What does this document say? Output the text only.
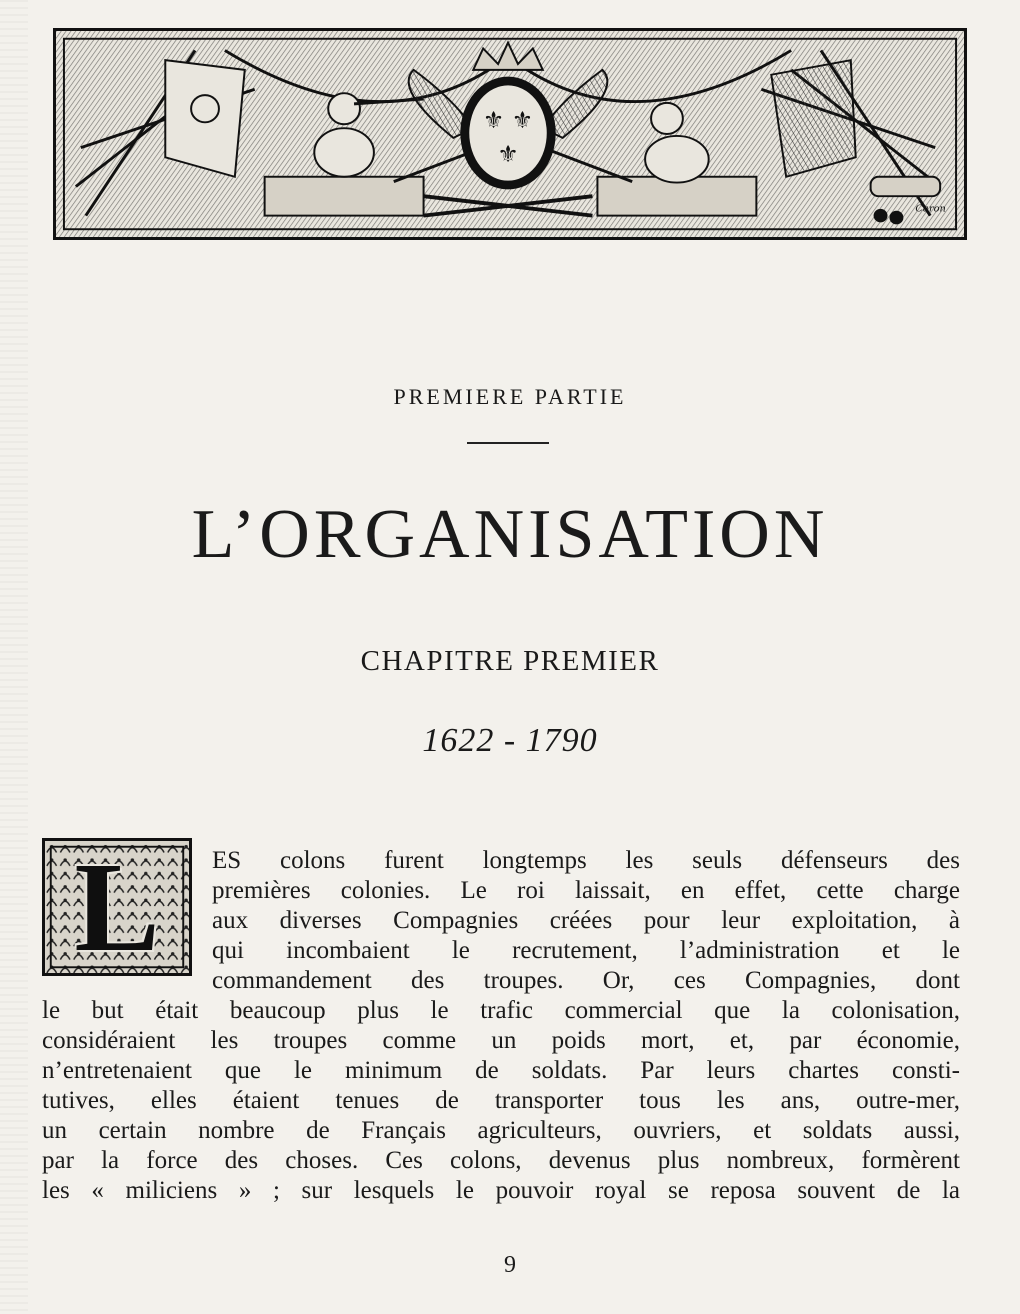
⚜ ⚜
⚜
Caron
PREMIERE PARTIE
L’ORGANISATION
CHAPITRE PREMIER
1622 - 1790
L	ES colons furent longtemps les seuls défenseurs des
premières colonies. Le roi laissait, en effet, cette charge
aux diverses Compagnies créées pour leur exploitation, à
qui incombaient le recrutement, l’administration et le
commandement des troupes. Or, ces Compagnies, dont
le but était beaucoup plus le trafic commercial que la colonisation,
considéraient les troupes comme un poids mort, et, par économie,
n’entretenaient que le minimum de soldats. Par leurs chartes consti-
tutives, elles étaient tenues de transporter tous les ans, outre-mer,
un certain nombre de Français agriculteurs, ouvriers, et soldats aussi,
par la force des choses. Ces colons, devenus plus nombreux, formèrent
les « miliciens » ; sur lesquels le pouvoir royal se reposa souvent de la
9
